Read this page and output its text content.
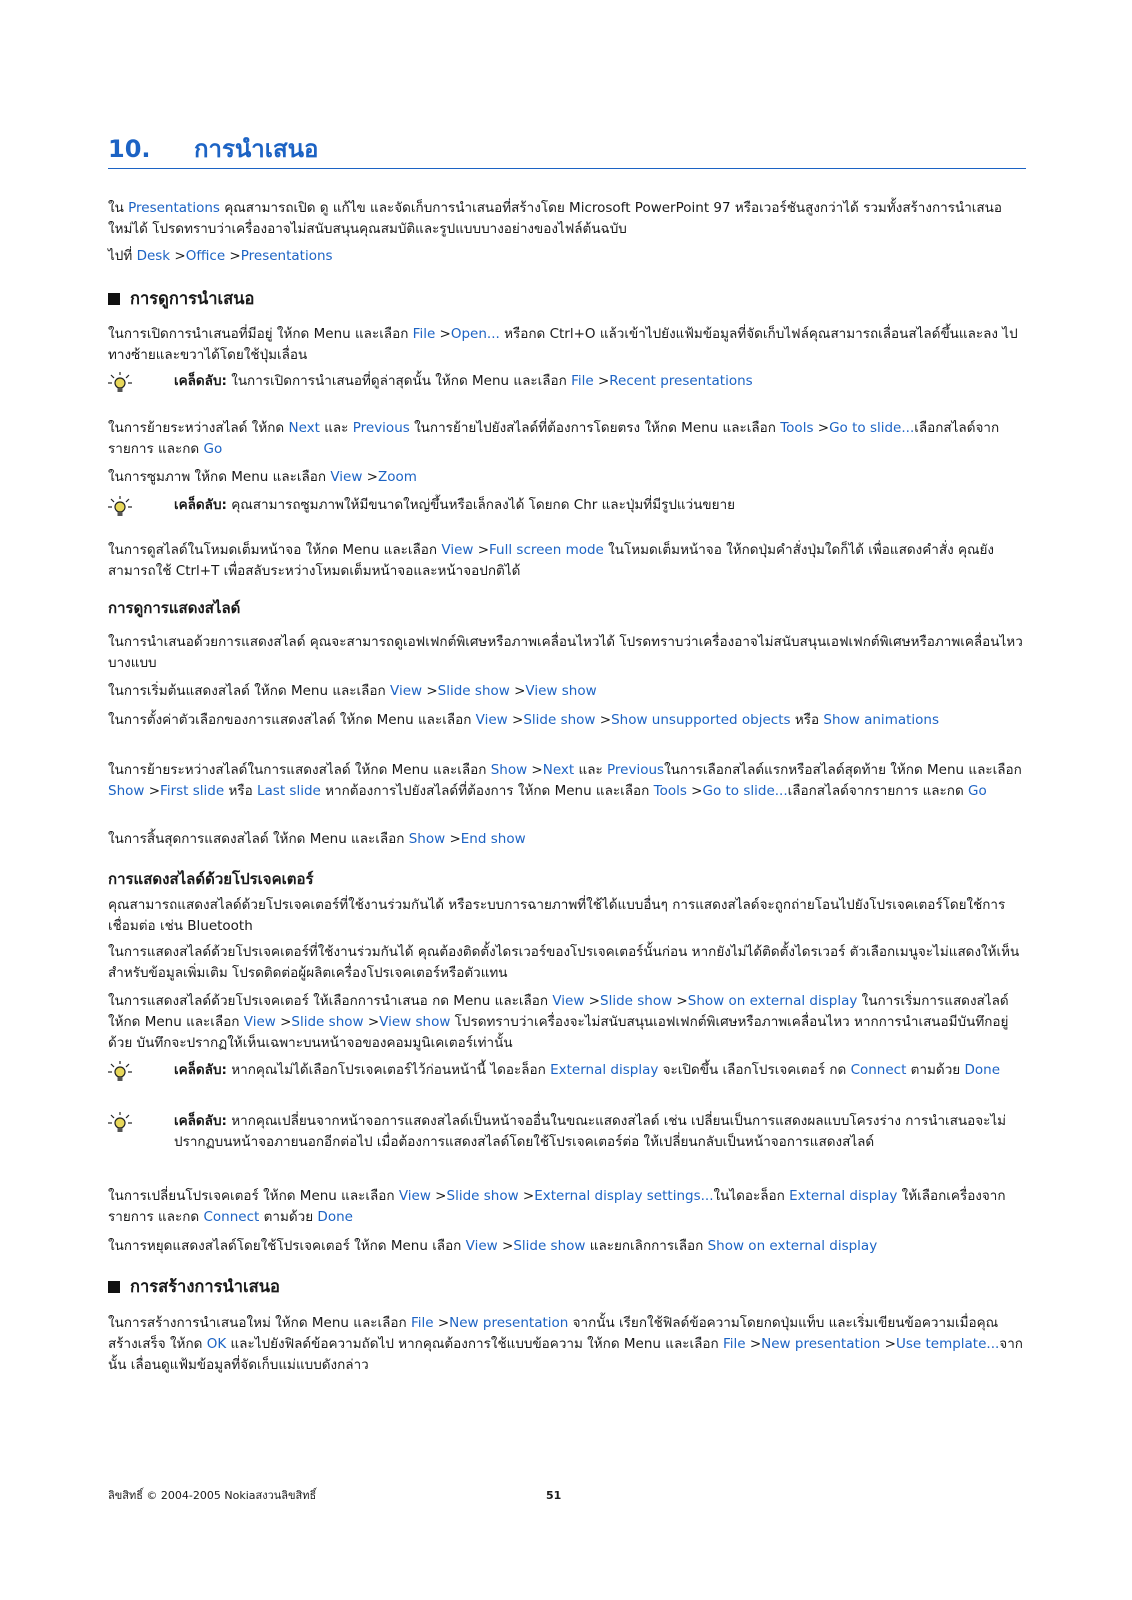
10. การนำเสนอ
ใน Presentations คุณสามารถเปิด ดู แก้ไข และจัดเก็บการนำเสนอที่สร้างโดย Microsoft PowerPoint 97 หรือเวอร์ชันสูงกว่าได้ รวมทั้งสร้างการนำเสนอใหม่ได้ โปรดทราบว่าเครื่องอาจไม่สนับสนุนคุณสมบัติและรูปแบบบางอย่างของไฟล์ต้นฉบับ
ไปที่ Desk >Office >Presentations
การดูการนำเสนอ
ในการเปิดการนำเสนอที่มีอยู่ ให้กด Menu และเลือก File >Open... หรือกด Ctrl+O แล้วเข้าไปยังแฟ้มข้อมูลที่จัดเก็บไฟล์คุณสามารถเลื่อนสไลด์ขึ้นและลง ไปทางซ้ายและขวาได้โดยใช้ปุ่มเลื่อน
เคล็ดลับ: ในการเปิดการนำเสนอที่ดูล่าสุดนั้น ให้กด Menu และเลือก File >Recent presentations
ในการย้ายระหว่างสไลด์ ให้กด Next และ Previous ในการย้ายไปยังสไลด์ที่ต้องการโดยตรง ให้กด Menu และเลือก Tools >Go to slide...เลือกสไลด์จากรายการ และกด Go
ในการซูมภาพ ให้กด Menu และเลือก View >Zoom
เคล็ดลับ: คุณสามารถซูมภาพให้มีขนาดใหญ่ขึ้นหรือเล็กลงได้ โดยกด Chr และปุ่มที่มีรูปแว่นขยาย
ในการดูสไลด์ในโหมดเต็มหน้าจอ ให้กด Menu และเลือก View >Full screen mode ในโหมดเต็มหน้าจอ ให้กดปุ่มคำสั่งปุ่มใดก็ได้ เพื่อแสดงคำสั่ง คุณยังสามารถใช้ Ctrl+T เพื่อสลับระหว่างโหมดเต็มหน้าจอและหน้าจอปกติได้
การดูการแสดงสไลด์
ในการนำเสนอด้วยการแสดงสไลด์ คุณจะสามารถดูเอฟเฟกต์พิเศษหรือภาพเคลื่อนไหวได้ โปรดทราบว่าเครื่องอาจไม่สนับสนุนเอฟเฟกต์พิเศษหรือภาพเคลื่อนไหวบางแบบ
ในการเริ่มต้นแสดงสไลด์ ให้กด Menu และเลือก View >Slide show >View show
ในการตั้งค่าตัวเลือกของการแสดงสไลด์ ให้กด Menu และเลือก View >Slide show >Show unsupported objects หรือ Show animations
ในการย้ายระหว่างสไลด์ในการแสดงสไลด์ ให้กด Menu และเลือก Show >Next และ Previousในการเลือกสไลด์แรกหรือสไลด์สุดท้าย ให้กด Menu และเลือก Show >First slide หรือ Last slide หากต้องการไปยังสไลด์ที่ต้องการ ให้กด Menu และเลือก Tools >Go to slide...เลือกสไลด์จากรายการ และกด Go
ในการสิ้นสุดการแสดงสไลด์ ให้กด Menu และเลือก Show >End show
การแสดงสไลด์ด้วยโปรเจคเตอร์
คุณสามารถแสดงสไลด์ด้วยโปรเจคเตอร์ที่ใช้งานร่วมกันได้ หรือระบบการฉายภาพที่ใช้ได้แบบอื่นๆ การแสดงสไลด์จะถูกถ่ายโอนไปยังโปรเจคเตอร์โดยใช้การเชื่อมต่อ เช่น Bluetooth
ในการแสดงสไลด์ด้วยโปรเจคเตอร์ที่ใช้งานร่วมกันได้ คุณต้องติดตั้งไดรเวอร์ของโปรเจคเตอร์นั้นก่อน หากยังไม่ได้ติดตั้งไดรเวอร์ ตัวเลือกเมนูจะไม่แสดงให้เห็น สำหรับข้อมูลเพิ่มเติม โปรดติดต่อผู้ผลิตเครื่องโปรเจคเตอร์หรือตัวแทน
ในการแสดงสไลด์ด้วยโปรเจคเตอร์ ให้เลือกการนำเสนอ กด Menu และเลือก View >Slide show >Show on external display ในการเริ่มการแสดงสไลด์ ให้กด Menu และเลือก View >Slide show >View show โปรดทราบว่าเครื่องจะไม่สนับสนุนเอฟเฟกต์พิเศษหรือภาพเคลื่อนไหว หากการนำเสนอมีบันทึกอยู่ด้วย บันทึกจะปรากฏให้เห็นเฉพาะบนหน้าจอของคอมมูนิเคเตอร์เท่านั้น
เคล็ดลับ: หากคุณไม่ได้เลือกโปรเจคเตอร์ไว้ก่อนหน้านี้ ไดอะล็อก External display จะเปิดขึ้น เลือกโปรเจคเตอร์ กด Connect ตามด้วย Done
เคล็ดลับ: หากคุณเปลี่ยนจากหน้าจอการแสดงสไลด์เป็นหน้าจออื่นในขณะแสดงสไลด์ เช่น เปลี่ยนเป็นการแสดงผลแบบโครงร่าง การนำเสนอจะไม่ปรากฏบนหน้าจอภายนอกอีกต่อไป เมื่อต้องการแสดงสไลด์โดยใช้โปรเจคเตอร์ต่อ ให้เปลี่ยนกลับเป็นหน้าจอการแสดงสไลด์
ในการเปลี่ยนโปรเจคเตอร์ ให้กด Menu และเลือก View >Slide show >External display settings...ในไดอะล็อก External display ให้เลือกเครื่องจากรายการ และกด Connect ตามด้วย Done
ในการหยุดแสดงสไลด์โดยใช้โปรเจคเตอร์ ให้กด Menu เลือก View >Slide show และยกเลิกการเลือก Show on external display
การสร้างการนำเสนอ
ในการสร้างการนำเสนอใหม่ ให้กด Menu และเลือก File >New presentation จากนั้น เรียกใช้ฟิลด์ข้อความโดยกดปุ่มแท็บ และเริ่มเขียนข้อความเมื่อคุณสร้างเสร็จ ให้กด OK และไปยังฟิลด์ข้อความถัดไป หากคุณต้องการใช้แบบข้อความ ให้กด Menu และเลือก File >New presentation >Use template...จากนั้น เลื่อนดูแฟ้มข้อมูลที่จัดเก็บแม่แบบดังกล่าว
ลิขสิทธิ์ © 2004-2005 Nokiaสงวนลิขสิทธิ์	51
